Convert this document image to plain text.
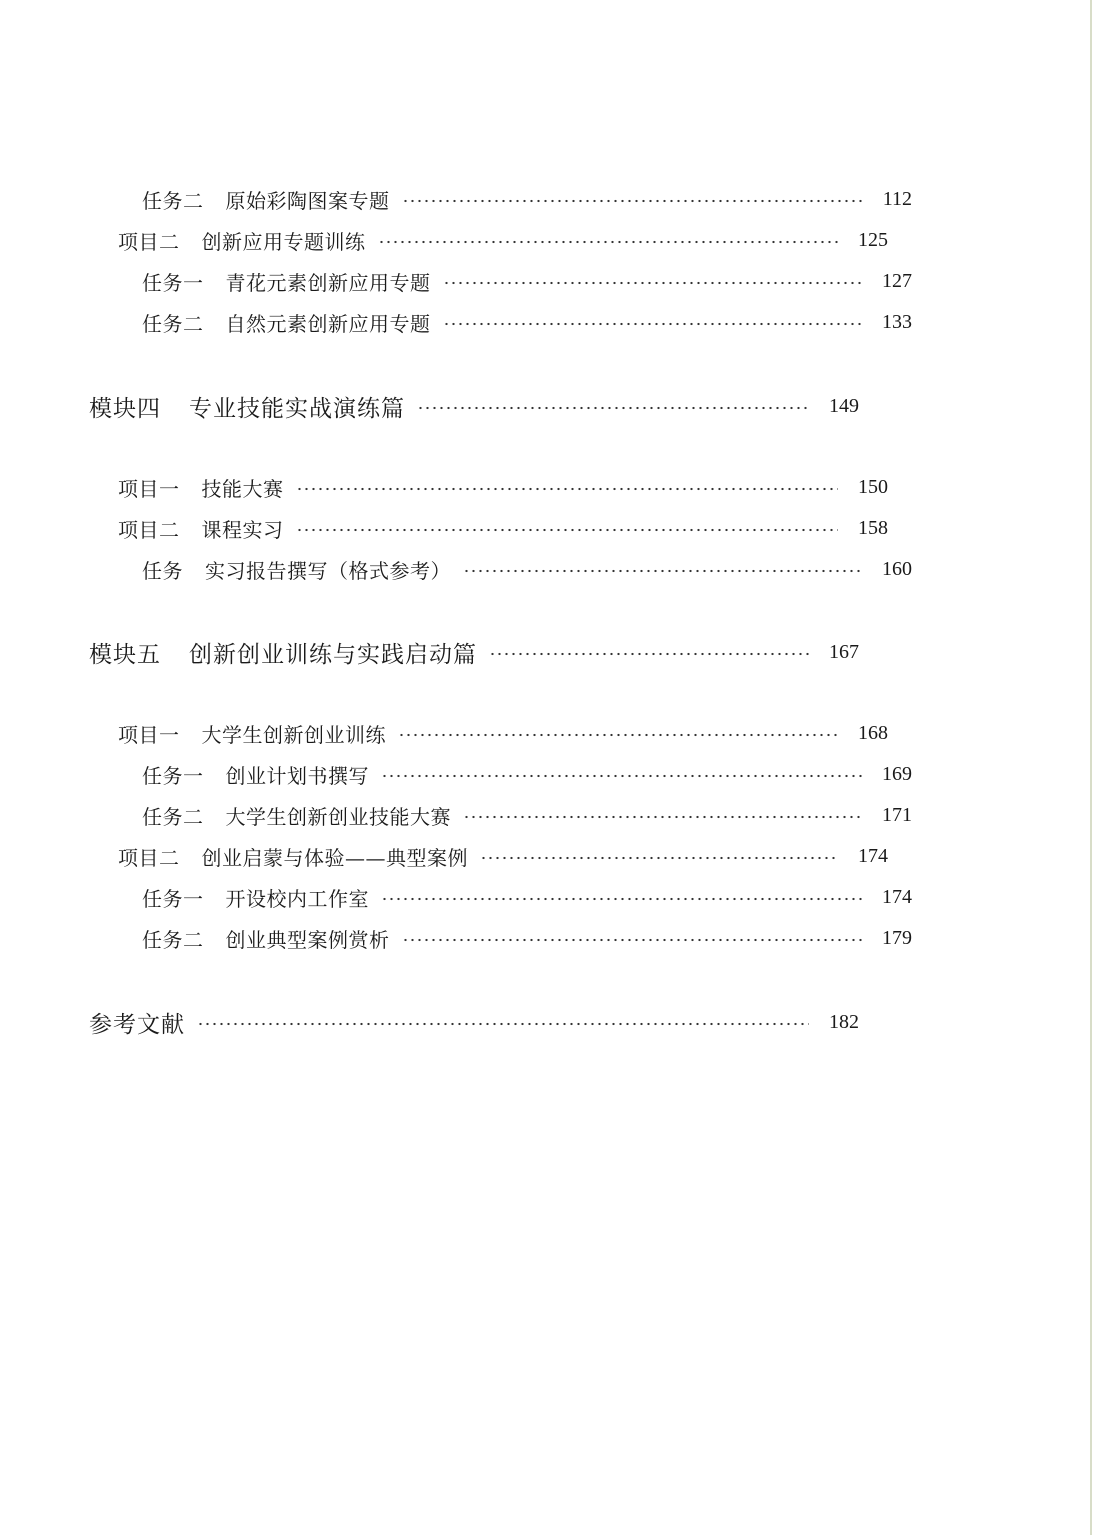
任务二 原始彩陶图案专题	112
项目二 创新应用专题训练	125
任务一 青花元素创新应用专题	127
任务二 自然元素创新应用专题	133
模块四 专业技能实战演练篇	149
项目一 技能大赛	150
项目二 课程实习	158
任务 实习报告撰写（格式参考）	160
模块五 创新创业训练与实践启动篇	167
项目一 大学生创新创业训练	168
任务一 创业计划书撰写	169
任务二 大学生创新创业技能大赛	171
项目二 创业启蒙与体验——典型案例	174
任务一 开设校内工作室	174
任务二 创业典型案例赏析	179
参考文献	182
